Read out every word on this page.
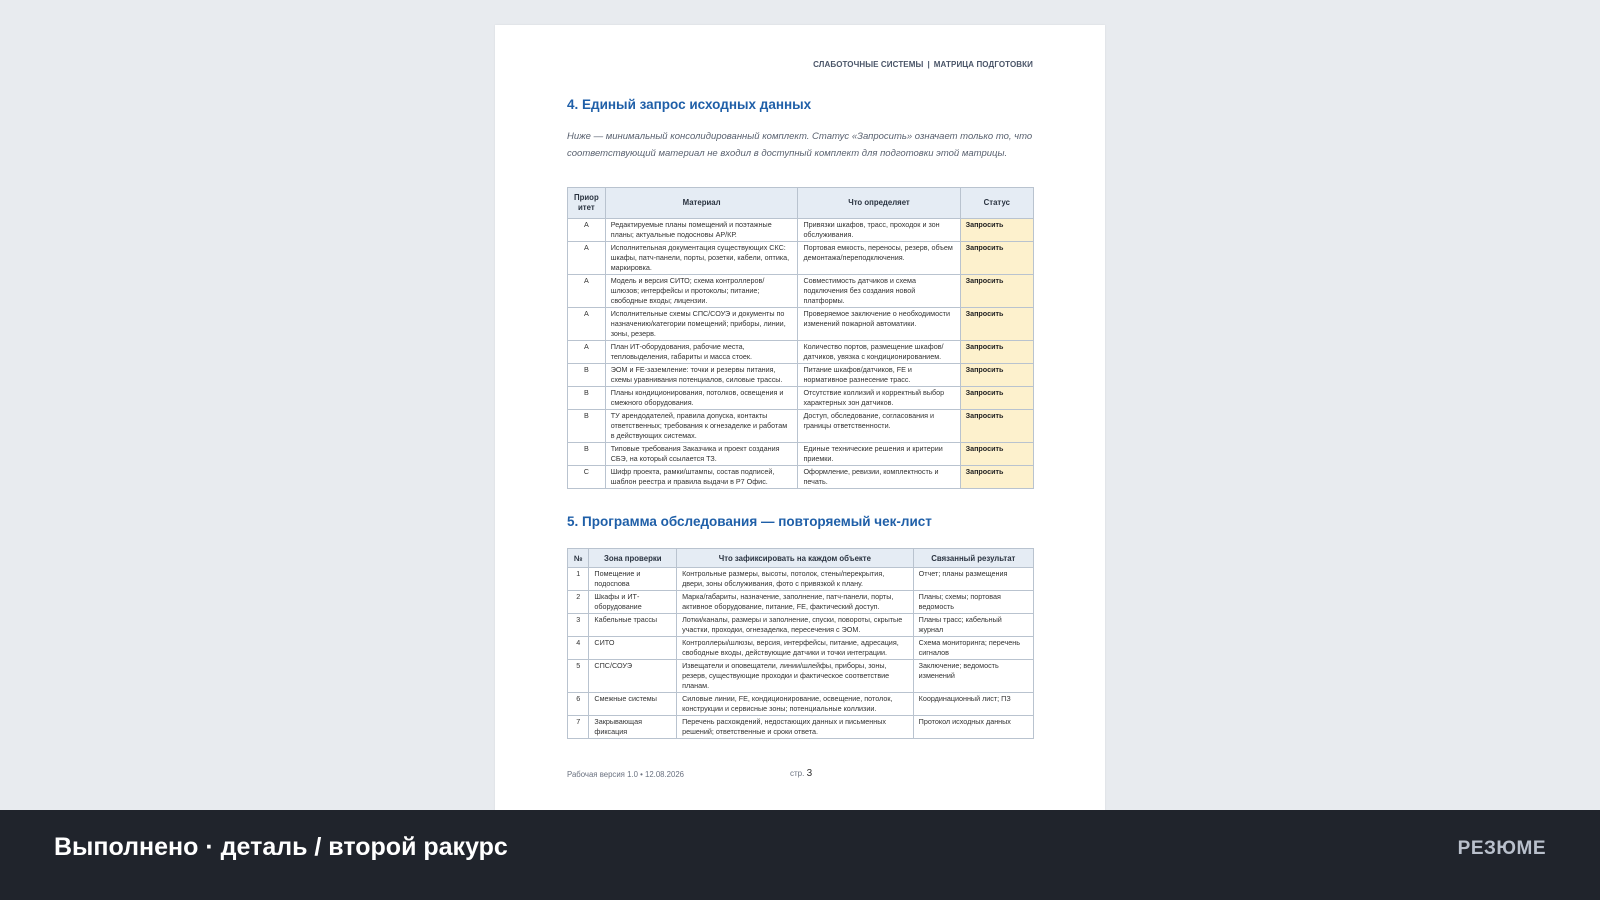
СЛАБОТОЧНЫЕ СИСТЕМЫ | МАТРИЦА ПОДГОТОВКИ
4. Единый запрос исходных данных
Ниже — минимальный консолидированный комплект. Статус «Запросить» означает только то, что соответствующий материал не входил в доступный комплект для подготовки этой матрицы.
Приор итет	Материал	Что определяет	Статус
A	Редактируемые планы помещений и поэтажные планы; актуальные подосновы АР/КР.	Привязки шкафов, трасс, проходок и зон обслуживания.	Запросить
A	Исполнительная документация существующих СКС: шкафы, патч-панели, порты, розетки, кабели, оптика, маркировка.	Портовая емкость, переносы, резерв, объем демонтажа/переподключения.	Запросить
A	Модель и версия СИТО; схема контроллеров/шлюзов; интерфейсы и протоколы; питание; свободные входы; лицензии.	Совместимость датчиков и схема подключения без создания новой платформы.	Запросить
A	Исполнительные схемы СПС/СОУЭ и документы по назначению/категории помещений; приборы, линии, зоны, резерв.	Проверяемое заключение о необходимости изменений пожарной автоматики.	Запросить
A	План ИТ-оборудования, рабочие места, тепловыделения, габариты и масса стоек.	Количество портов, размещение шкафов/датчиков, увязка с кондиционированием.	Запросить
B	ЭОМ и FE-заземление: точки и резервы питания, схемы уравнивания потенциалов, силовые трассы.	Питание шкафов/датчиков, FE и нормативное разнесение трасс.	Запросить
B	Планы кондиционирования, потолков, освещения и смежного оборудования.	Отсутствие коллизий и корректный выбор характерных зон датчиков.	Запросить
B	ТУ арендодателей, правила допуска, контакты ответственных; требования к огнезаделке и работам в действующих системах.	Доступ, обследование, согласования и границы ответственности.	Запросить
B	Типовые требования Заказчика и проект создания СБЭ, на который ссылается ТЗ.	Единые технические решения и критерии приемки.	Запросить
C	Шифр проекта, рамки/штампы, состав подписей, шаблон реестра и правила выдачи в Р7 Офис.	Оформление, ревизии, комплектность и печать.	Запросить
5. Программа обследования — повторяемый чек-лист
№	Зона проверки	Что зафиксировать на каждом объекте	Связанный результат
1	Помещение и подосnова	Контрольные размеры, высоты, потолок, стены/перекрытия, двери, зоны обслуживания, фото с привязкой к плану.	Отчет; планы размещения
2	Шкафы и ИТ-оборудование	Марка/габариты, назначение, заполнение, патч-панели, порты, активное оборудование, питание, FE, фактический доступ.	Планы; схемы; портовая ведомость
3	Кабельные трассы	Лотки/каналы, размеры и заполнение, спуски, повороты, скрытые участки, проходки, огнезаделка, пересечения с ЭОМ.	Планы трасс; кабельный журнал
4	СИТО	Контроллеры/шлюзы, версия, интерфейсы, питание, адресация, свободные входы, действующие датчики и точки интеграции.	Схема мониторинга; перечень сигналов
5	СПС/СОУЭ	Извещатели и оповещатели, линии/шлейфы, приборы, зоны, резерв, существующие проходки и фактическое соответствие планам.	Заключение; ведомость изменений
6	Смежные системы	Силовые линии, FE, кондиционирование, освещение, потолок, конструкции и сервисные зоны; потенциальные коллизии.	Координационный лист; ПЗ
7	Закрывающая фиксация	Перечень расхождений, недостающих данных и письменных решений; ответственные и сроки ответа.	Протокол исходных данных
Рабочая версия 1.0 • 12.08.2026	стр. 3
Выполнено · деталь / второй ракурс	РЕЗЮМЕ
